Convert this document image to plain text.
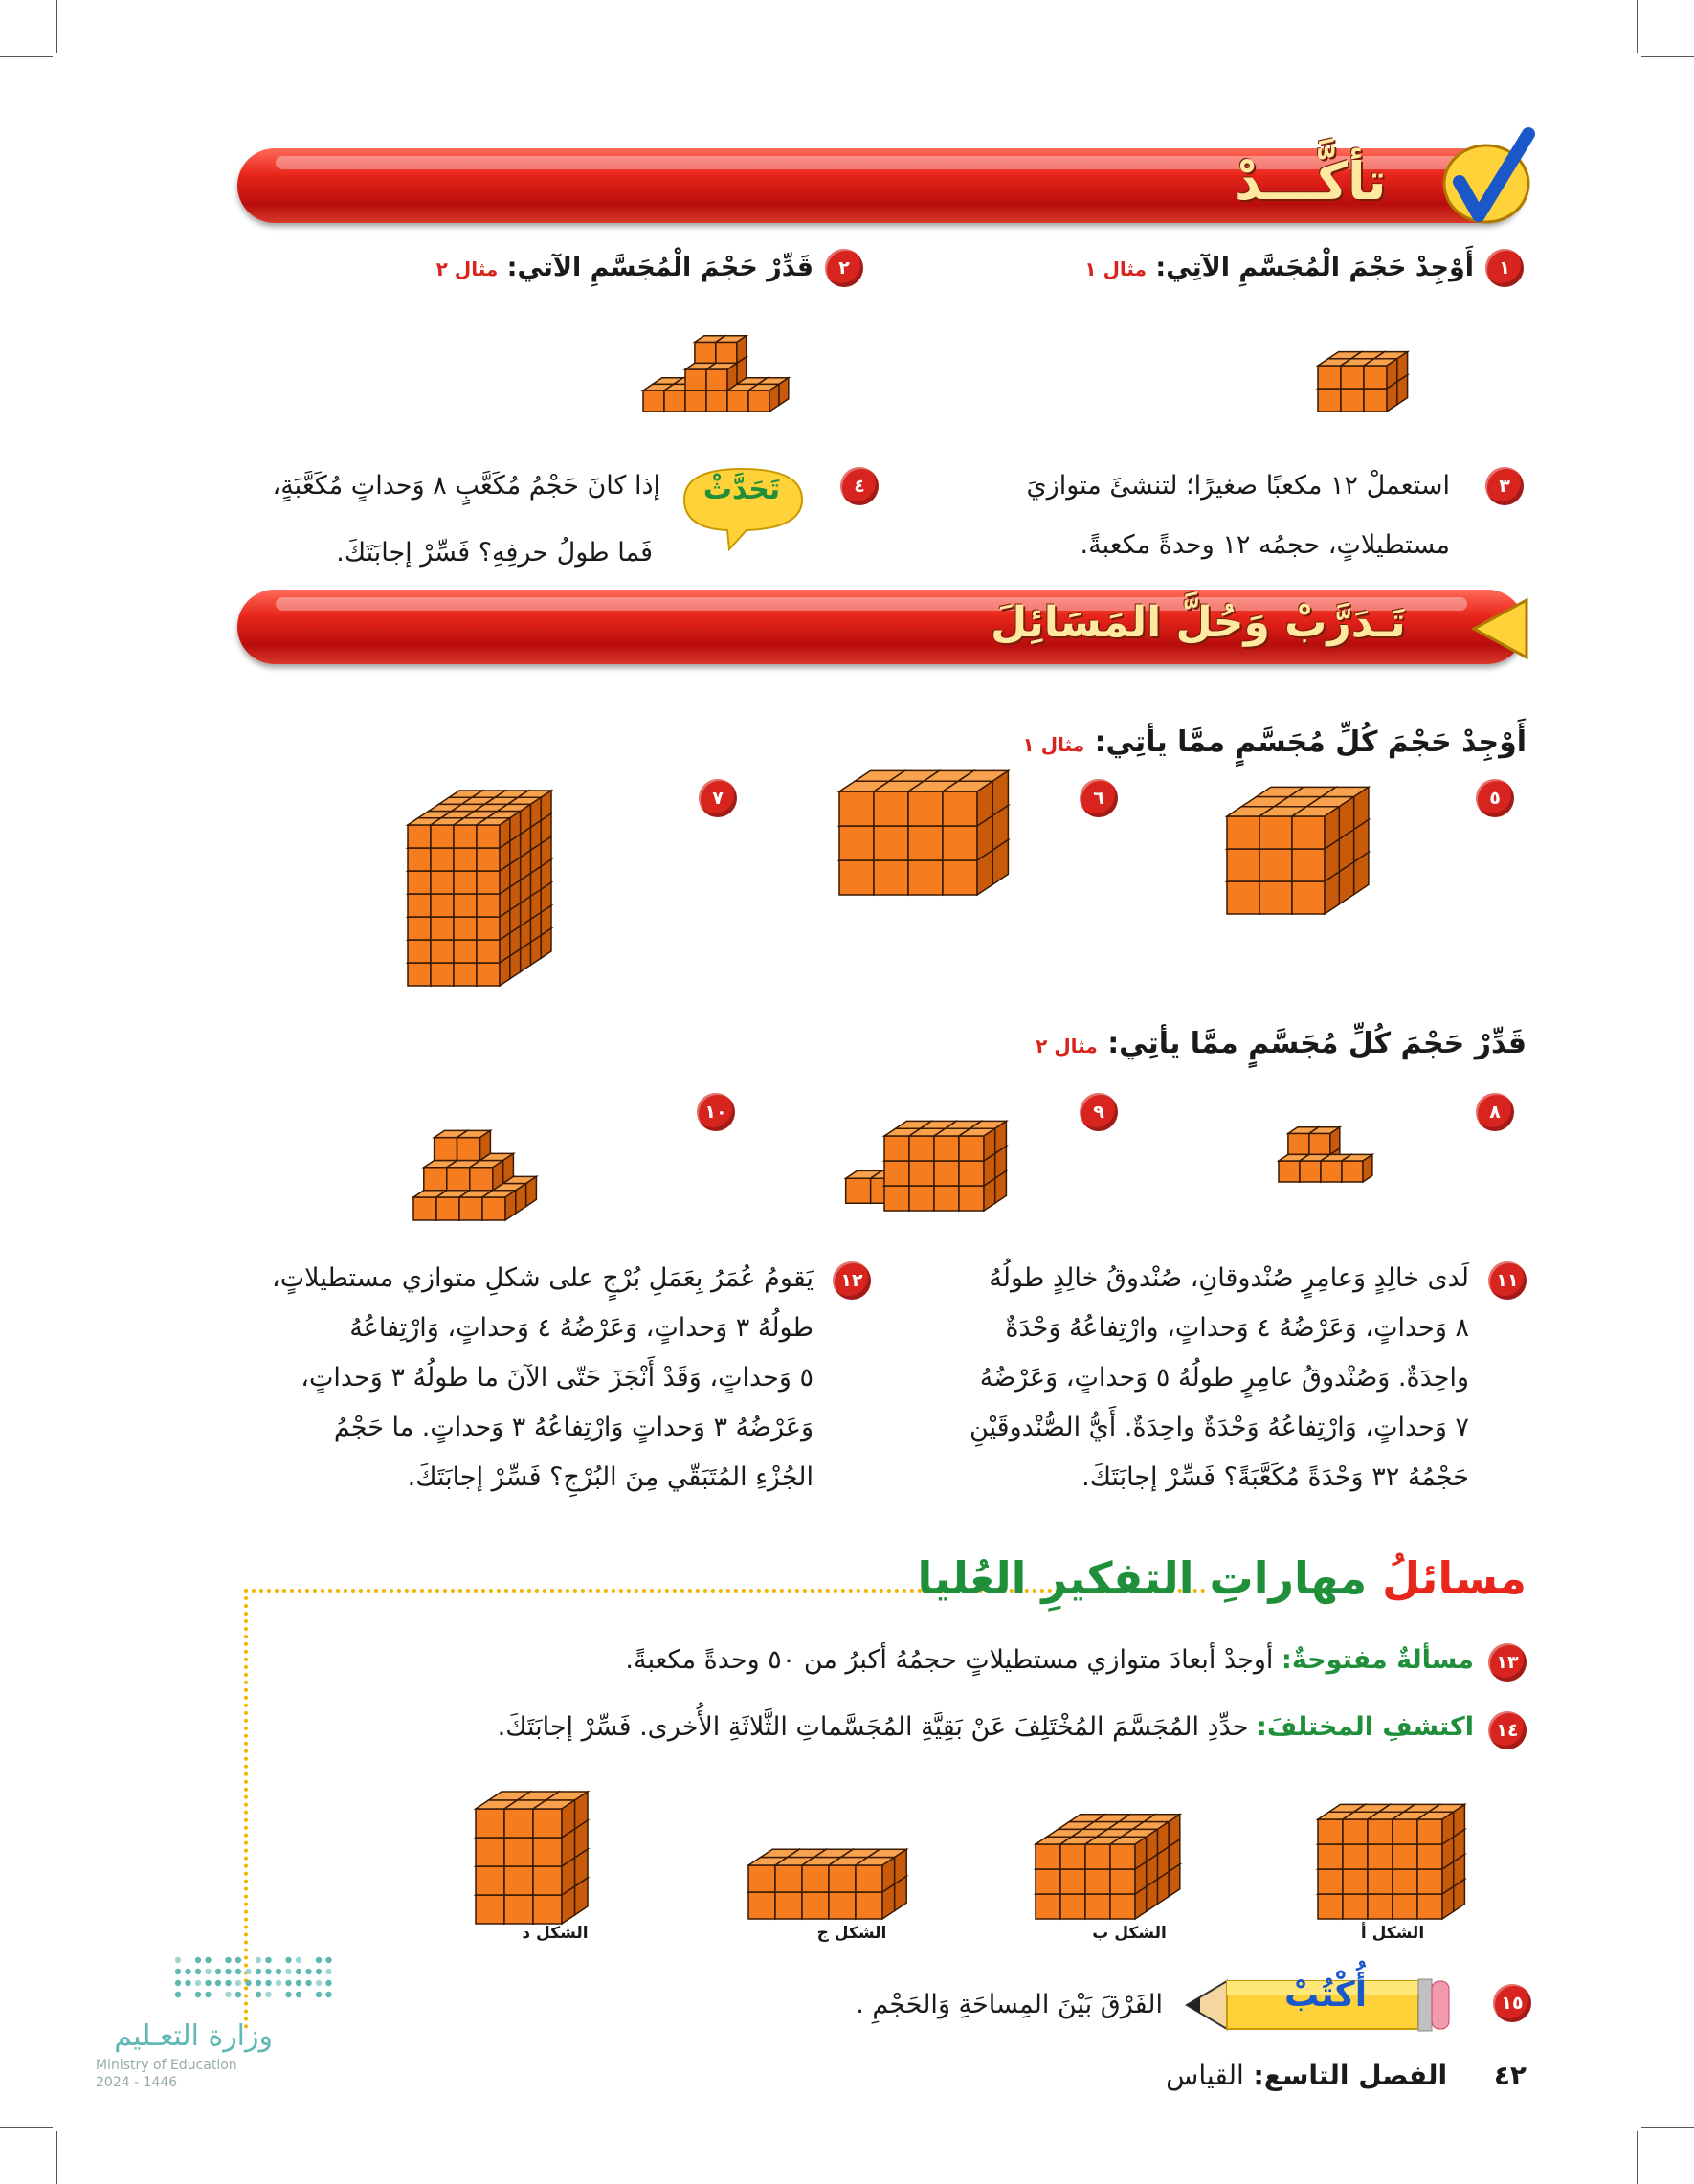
تأكَّـــدْ
١
أَوْجِدْ حَجْمَ الْمُجَسَّمِ الآتِي: مثال ١
٢
قَدِّرْ حَجْمَ الْمُجَسَّمِ الآتي: مثال ٢
٣
استعملْ ١٢ مكعبًا صغيرًا؛ لتنشئَ متوازيَ
مستطيلاتٍ، حجمُه ١٢ وحدةً مكعبةً.
٤
تَحَدَّثْ
إذا كانَ حَجْمُ مُكَعَّبٍ ٨ وَحداتٍ مُكَعَّبَةٍ،
فَما طولُ حرفِهِ؟ فَسِّرْ إجابَتَكَ.
تَـدَرَّبْ وَحُلَّ المَسَائِلَ
أَوْجِدْ حَجْمَ كُلِّ مُجَسَّمٍ ممَّا يأتِي: مثال ١
٥
٦
٧
قَدِّرْ حَجْمَ كُلِّ مُجَسَّمٍ ممَّا يأتِي: مثال ٢
٨
٩
١٠
١١
لَدى خالِدٍ وَعامِرٍ صُنْدوقانِ، صُنْدوقُ خالِدٍ طولُهُ
٨ وَحداتٍ، وَعَرْضُهُ ٤ وَحداتٍ، وارْتِفاعُهُ وَحْدَةٌ
واحِدَةٌ. وَصُنْدوقُ عامِرٍ طولُهُ ٥ وَحداتٍ، وَعَرْضُهُ
٧ وَحداتٍ، وَارْتِفاعُهُ وَحْدَةٌ واحِدَةٌ. أَيُّ الصُّنْدوقَيْنِ
حَجْمُهُ ٣٢ وَحْدَةً مُكَعَّبَةً؟ فَسِّرْ إجابَتَكَ.
١٢
يَقومُ عُمَرُ بِعَمَلِ بُرْجٍ على شكلِ متوازي مستطيلاتٍ،
طولُهُ ٣ وَحداتٍ، وَعَرْضُهُ ٤ وَحداتٍ، وَارْتِفاعُهُ
٥ وَحداتٍ، وَقَدْ أَنْجَزَ حَتّى الآنَ ما طولُهُ ٣ وَحداتٍ،
وَعَرْضُهُ ٣ وَحداتٍ وَارْتِفاعُهُ ٣ وَحداتٍ. ما حَجْمُ
الجُزْءِ المُتَبَقّي مِنَ البُرْجِ؟ فَسِّرْ إجابَتَكَ.
مسائلُ مهاراتِ التفكيرِ العُليا
١٣
مسألةٌ مفتوحةٌ: أوجدْ أبعادَ متوازي مستطيلاتٍ حجمُهُ أكبرُ من ٥٠ وحدةً مكعبةً.
١٤
اكتشفِ المختلفَ: حدِّدِ المُجَسَّمَ المُخْتَلِفَ عَنْ بَقِيَّةِ المُجَسَّماتِ الثَّلاثَةِ الأُخرى. فَسِّرْ إجابَتَكَ.
الشكل أ
الشكل ب
الشكل ج
الشكل د
١٥
أُكْتُبْ
الفَرْقَ بَيْنَ المِساحَةِ وَالحَجْمِ .
٤٢     الفصل التاسع: القياس
وزارة التعـليم
Ministry of Education
2024 - 1446
